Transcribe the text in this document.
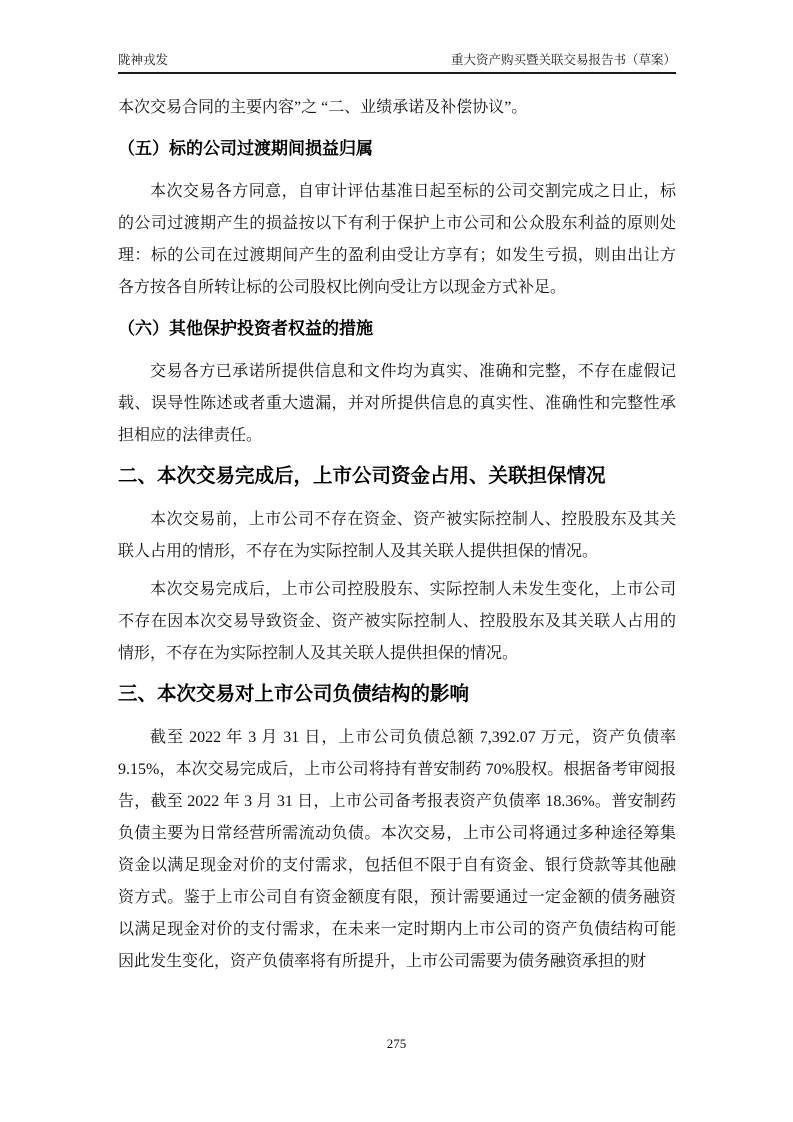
陇神戎发	重大资产购买暨关联交易报告书（草案）

本次交易合同的主要内容”之 “二、业绩承诺及补偿协议”。

（五）标的公司过渡期间损益归属

本次交易各方同意，自审计评估基准日起至标的公司交割完成之日止，标的公司过渡期产生的损益按以下有利于保护上市公司和公众股东利益的原则处理：标的公司在过渡期间产生的盈利由受让方享有；如发生亏损，则由出让方各方按各自所转让标的公司股权比例向受让方以现金方式补足。

（六）其他保护投资者权益的措施

交易各方已承诺所提供信息和文件均为真实、准确和完整，不存在虚假记载、误导性陈述或者重大遗漏，并对所提供信息的真实性、准确性和完整性承担相应的法律责任。

二、本次交易完成后，上市公司资金占用、关联担保情况

本次交易前，上市公司不存在资金、资产被实际控制人、控股股东及其关联人占用的情形，不存在为实际控制人及其关联人提供担保的情况。

本次交易完成后，上市公司控股股东、实际控制人未发生变化，上市公司不存在因本次交易导致资金、资产被实际控制人、控股股东及其关联人占用的情形，不存在为实际控制人及其关联人提供担保的情况。

三、本次交易对上市公司负债结构的影响

截至 2022 年 3 月 31 日，上市公司负债总额 7,392.07 万元，资产负债率 9.15%，本次交易完成后，上市公司将持有普安制药 70%股权。根据备考审阅报告，截至 2022 年 3 月 31 日，上市公司备考报表资产负债率 18.36%。普安制药负债主要为日常经营所需流动负债。本次交易，上市公司将通过多种途径筹集资金以满足现金对价的支付需求，包括但不限于自有资金、银行贷款等其他融资方式。鉴于上市公司自有资金额度有限，预计需要通过一定金额的债务融资以满足现金对价的支付需求，在未来一定时期内上市公司的资产负债结构可能因此发生变化，资产负债率将有所提升，上市公司需要为债务融资承担的财

275
